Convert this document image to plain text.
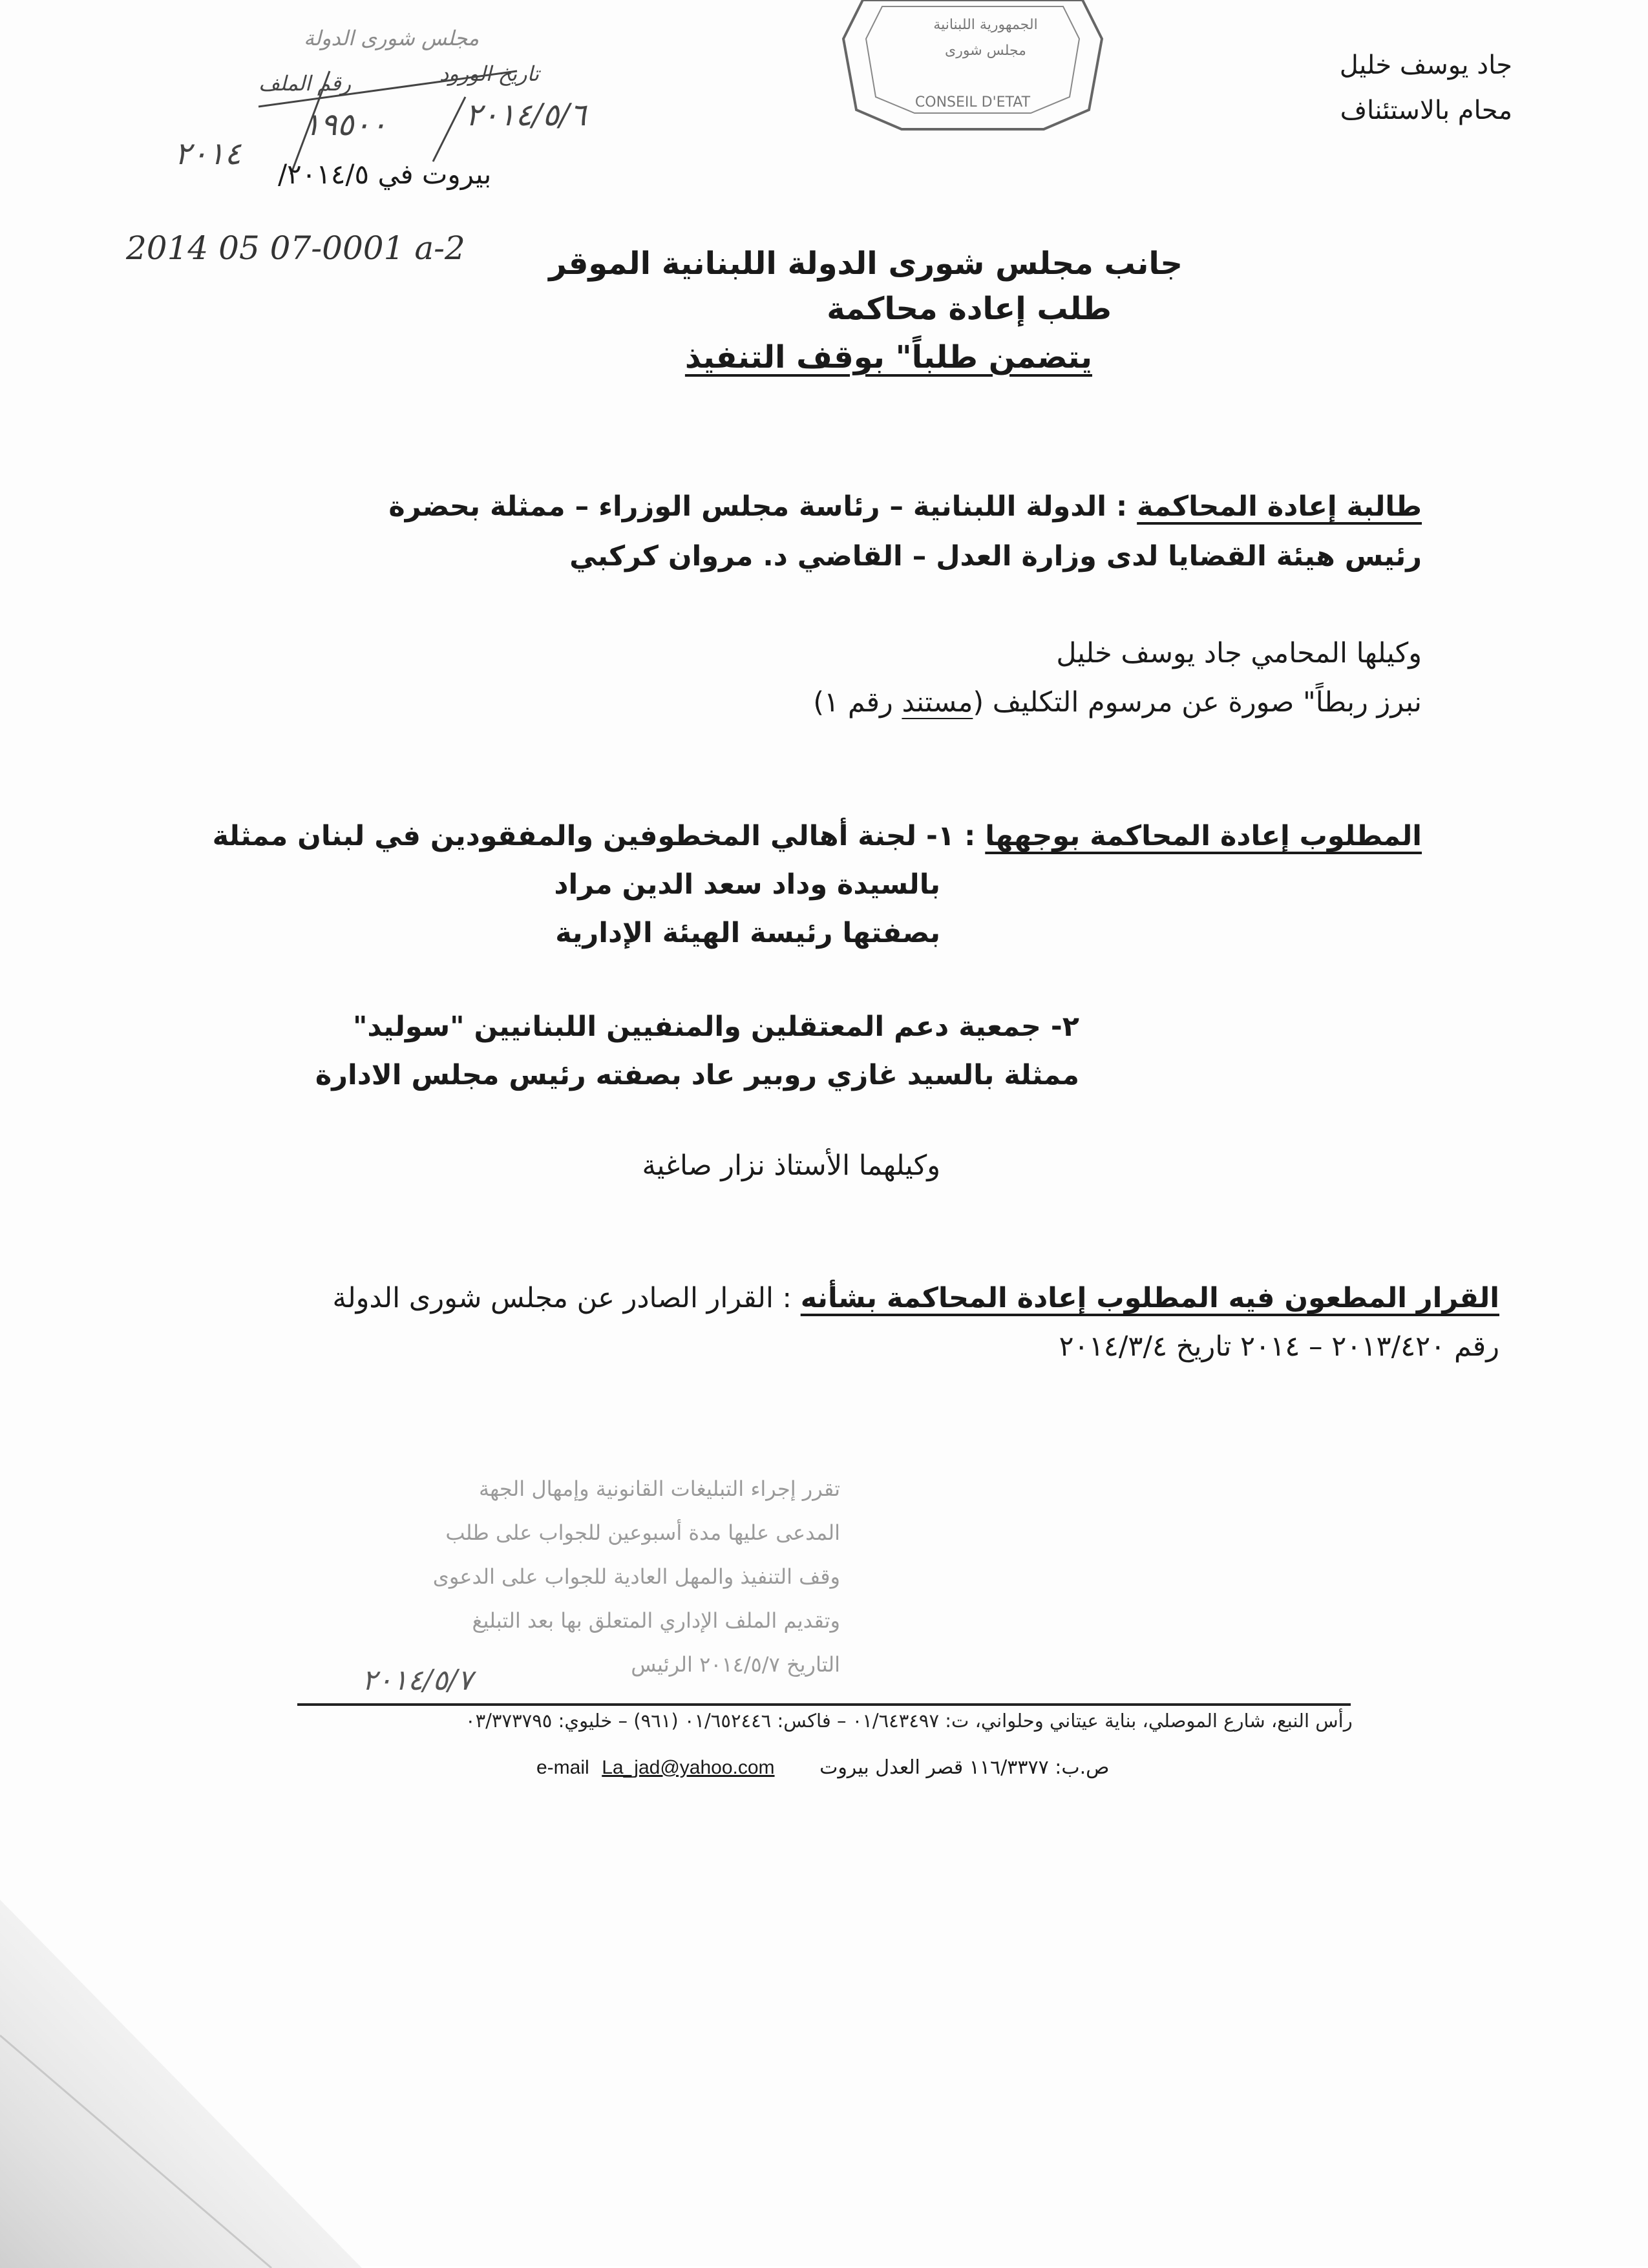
جاد يوسف خليل
محام بالاستئناف
الجمهورية اللبنانية
مجلس شورى
CONSEIL D'ETAT
مجلس شورى الدولة
رقم الملف	تاريخ الورود
١٩٥٠٠
٢٠١٤
٢٠١٤/٥/٦
بيروت في ٢٠١٤/٥/
2014 05 07-0001 a-2	جانب مجلس شورى الدولة اللبنانية الموقر
طلب إعادة محاكمة
يتضمن طلباً" بوقف التنفيذ
طالبة إعادة المحاكمة : الدولة اللبنانية – رئاسة مجلس الوزراء – ممثلة بحضرة
رئيس هيئة القضايا لدى وزارة العدل – القاضي د. مروان كركبي
وكيلها المحامي جاد يوسف خليل
نبرز ربطاً" صورة عن مرسوم التكليف (مستند رقم ١)
المطلوب إعادة المحاكمة بوجهها : ١- لجنة أهالي المخطوفين والمفقودين في لبنان ممثلة
بالسيدة وداد سعد الدين مراد
بصفتها رئيسة الهيئة الإدارية
٢- جمعية دعم المعتقلين والمنفيين اللبنانيين "سوليد"
ممثلة بالسيد غازي روبير عاد بصفته رئيس مجلس الادارة
وكيلهما الأستاذ نزار صاغية
القرار المطعون فيه المطلوب إعادة المحاكمة بشأنه : القرار الصادر عن مجلس شورى الدولة
رقم ٢٠١٣/٤٢٠ – ٢٠١٤ تاريخ ٢٠١٤/٣/٤
تقرر إجراء التبليغات القانونية وإمهال الجهة
المدعى عليها مدة أسبوعين للجواب على طلب
وقف التنفيذ والمهل العادية للجواب على الدعوى
وتقديم الملف الإداري المتعلق بها بعد التبليغ
التاريخ ٢٠١٤/٥/٧ الرئيس
٢٠١٤/٥/٧
رأس النبع، شارع الموصلي، بناية عيتاني وحلواني، ت: ٠١/٦٤٣٤٩٧ – فاكس: ٠١/٦٥٢٤٤٦ (٩٦١) – خليوي: ٠٣/٣٧٣٧٩٥
e-mail La_jad@yahoo.com ص.ب: ١١٦/٣٣٧٧ قصر العدل بيروت
